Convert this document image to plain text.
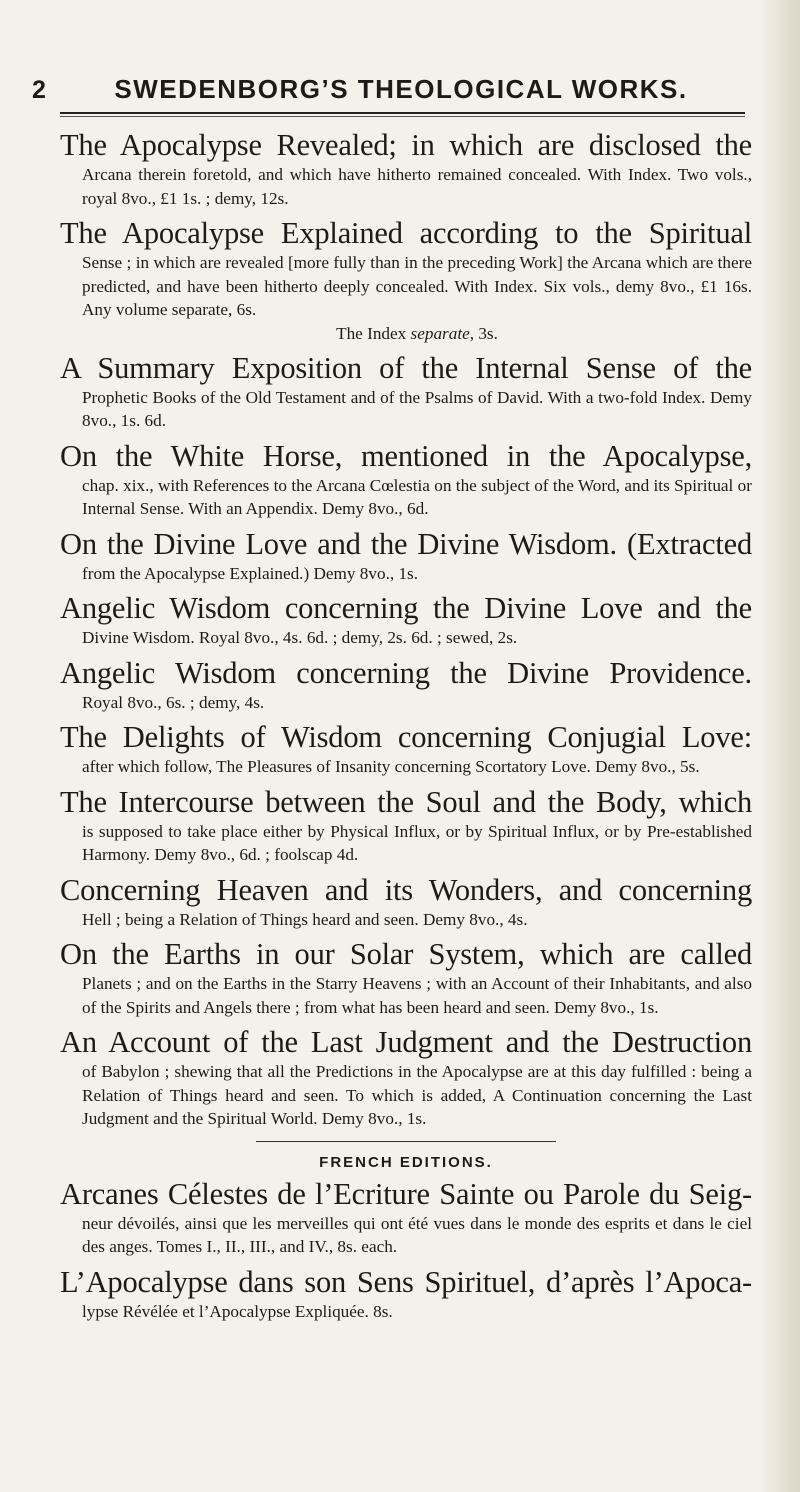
2	SWEDENBORG’S THEOLOGICAL WORKS.
The Apocalypse Revealed; in which are disclosed the
Arcana therein foretold, and which have hitherto remained concealed. With Index. Two vols., royal 8vo., £1 1s. ; demy, 12s.
The Apocalypse Explained according to the Spiritual
Sense ; in which are revealed [more fully than in the preceding Work] the Arcana which are there predicted, and have been hitherto deeply concealed. With Index. Six vols., demy 8vo., £1 16s. Any volume separate, 6s.
The Index separate, 3s.
A Summary Exposition of the Internal Sense of the
Prophetic Books of the Old Testament and of the Psalms of David. With a two-fold Index. Demy 8vo., 1s. 6d.
On the White Horse, mentioned in the Apocalypse,
chap. xix., with References to the Arcana Cœlestia on the subject of the Word, and its Spiritual or Internal Sense. With an Appendix. Demy 8vo., 6d.
On the Divine Love and the Divine Wisdom. (Extracted
from the Apocalypse Explained.) Demy 8vo., 1s.
Angelic Wisdom concerning the Divine Love and the
Divine Wisdom. Royal 8vo., 4s. 6d. ; demy, 2s. 6d. ; sewed, 2s.
Angelic Wisdom concerning the Divine Providence.
Royal 8vo., 6s. ; demy, 4s.
The Delights of Wisdom concerning Conjugial Love:
after which follow, The Pleasures of Insanity concerning Scortatory Love. Demy 8vo., 5s.
The Intercourse between the Soul and the Body, which
is supposed to take place either by Physical Influx, or by Spiritual Influx, or by Pre-established Harmony. Demy 8vo., 6d. ; foolscap 4d.
Concerning Heaven and its Wonders, and concerning
Hell ; being a Relation of Things heard and seen. Demy 8vo., 4s.
On the Earths in our Solar System, which are called
Planets ; and on the Earths in the Starry Heavens ; with an Account of their Inhabitants, and also of the Spirits and Angels there ; from what has been heard and seen. Demy 8vo., 1s.
An Account of the Last Judgment and the Destruction
of Babylon ; shewing that all the Predictions in the Apocalypse are at this day fulfilled : being a Relation of Things heard and seen. To which is added, A Continuation concerning the Last Judgment and the Spiritual World. Demy 8vo., 1s.
FRENCH EDITIONS.
Arcanes Célestes de l’Ecriture Sainte ou Parole du Seig-
neur dévoilés, ainsi que les merveilles qui ont été vues dans le monde des esprits et dans le ciel des anges. Tomes I., II., III., and IV., 8s. each.
L’Apocalypse dans son Sens Spirituel, d’après l’Apoca-
lypse Révélée et l’Apocalypse Expliquée. 8s.
